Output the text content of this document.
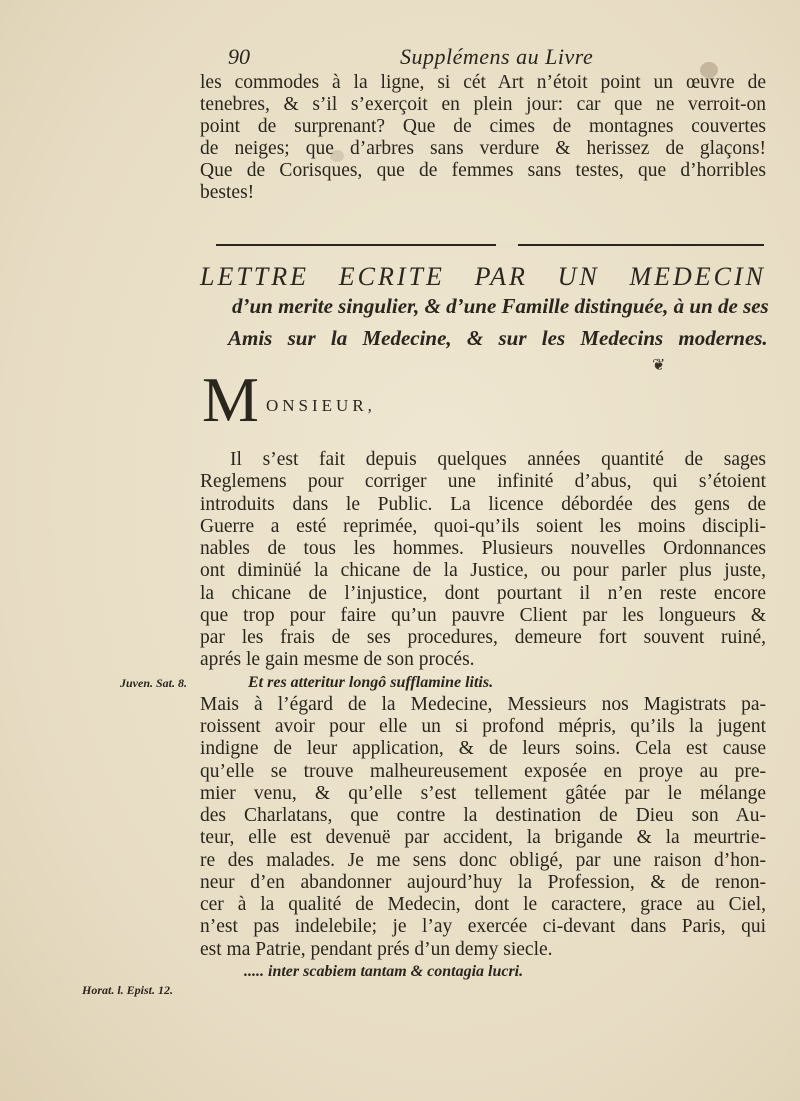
90	Supplémens au Livre
les commodes à la ligne, si cét Art n’étoit point un œuvre de
tenebres, & s’il s’exerçoit en plein jour: car que ne verroit-on
point de surprenant? Que de cimes de montagnes couvertes
de neiges; que d’arbres sans verdure & herissez de glaçons!
Que de Corisques, que de femmes sans testes, que d’horribles
bestes!
LETTRE ECRITE PAR UN MEDECIN
d’un merite singulier, & d’une Famille distinguée, à un de ses
Amis sur la Medecine, & sur les Medecins modernes.
❦
M ONSIEUR,
Il s’est fait depuis quelques années quantité de sages
Reglemens pour corriger une infinité d’abus, qui s’étoient
introduits dans le Public. La licence débordée des gens de
Guerre a esté reprimée, quoi-qu’ils soient les moins discipli-
nables de tous les hommes. Plusieurs nouvelles Ordonnances
ont diminüé la chicane de la Justice, ou pour parler plus juste,
la chicane de l’injustice, dont pourtant il n’en reste encore
que trop pour faire qu’un pauvre Client par les longueurs &
par les frais de ses procedures, demeure fort souvent ruiné,
aprés le gain mesme de son procés.
Et res atteritur longô sufflamine litis.
Mais à l’égard de la Medecine, Messieurs nos Magistrats pa-
roissent avoir pour elle un si profond mépris, qu’ils la jugent
indigne de leur application, & de leurs soins. Cela est cause
qu’elle se trouve malheureusement exposée en proye au pre-
mier venu, & qu’elle s’est tellement gâtée par le mélange
des Charlatans, que contre la destination de Dieu son Au-
teur, elle est devenuë par accident, la brigande & la meurtrie-
re des malades. Je me sens donc obligé, par une raison d’hon-
neur d’en abandonner aujourd’huy la Profession, & de renon-
cer à la qualité de Medecin, dont le caractere, grace au Ciel,
n’est pas indelebile; je l’ay exercée ci-devant dans Paris, qui
est ma Patrie, pendant prés d’un demy siecle.
..... inter scabiem tantam & contagia lucri.
Juven. Sat. 8.
Horat. l. Epist. 12.
